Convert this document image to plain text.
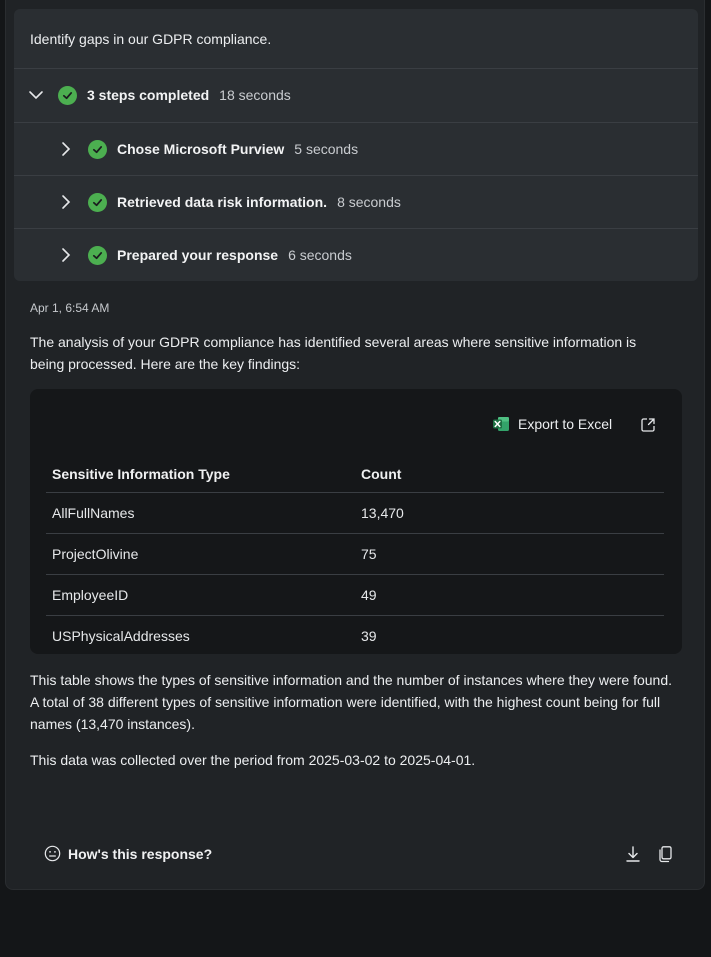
Identify gaps in our GDPR compliance.
3 steps completed 18 seconds
Chose Microsoft Purview 5 seconds
Retrieved data risk information. 8 seconds
Prepared your response 6 seconds
Apr 1, 6:54 AM
The analysis of your GDPR compliance has identified several areas where sensitive information is being processed. Here are the key findings:
Export to Excel
Sensitive Information Type	Count
AllFullNames	13,470
ProjectOlivine	75
EmployeeID	49
USPhysicalAddresses	39
This table shows the types of sensitive information and the number of instances where they were found. A total of 38 different types of sensitive information were identified, with the highest count being for full names (13,470 instances).
This data was collected over the period from 2025-03-02 to 2025-04-01.
How's this response?
